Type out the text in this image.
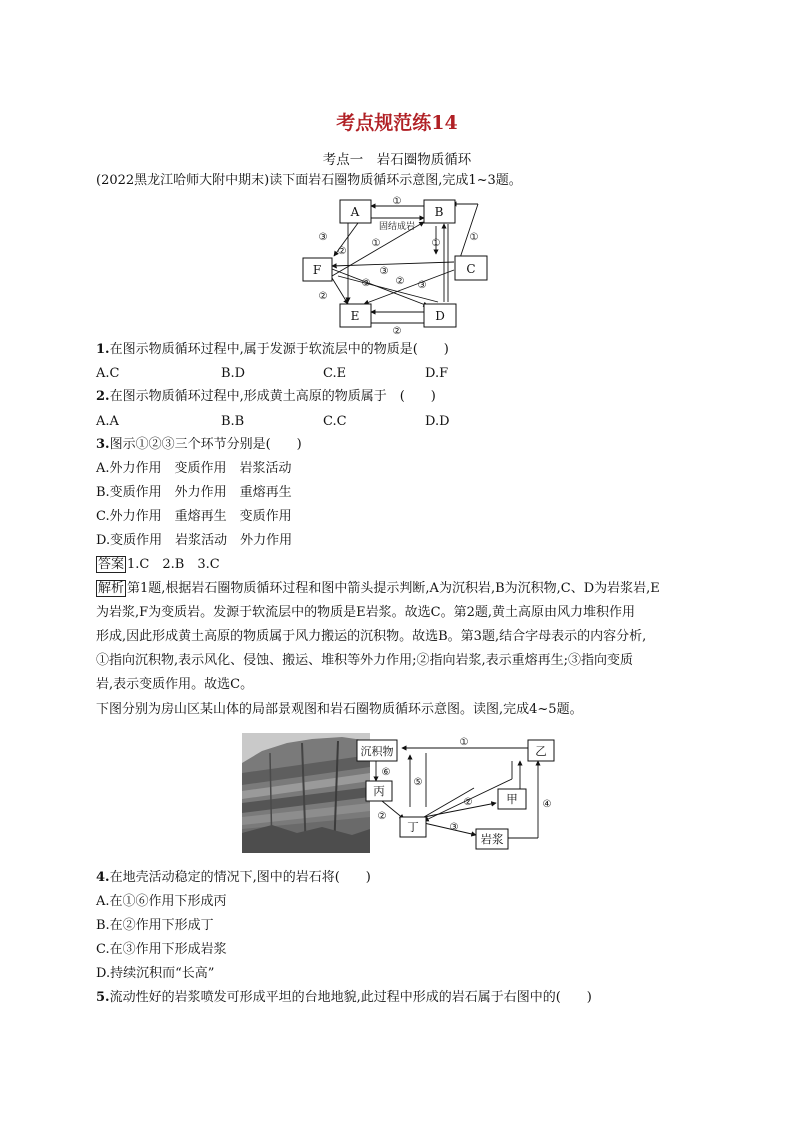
考点规范练14
考点一　岩石圈物质循环
(2022黑龙江哈师大附中期末)读下面岩石圈物质循环示意图,完成1~3题。
A	B
C
D
E
F
①
固结成岩
③
②
①	①
①
③
②
③	③
②
②
1.在图示物质循环过程中,属于发源于软流层中的物质是(　　)
A.C	B.D	C.E	D.F
2.在图示物质循环过程中,形成黄土高原的物质属于　(　　)
A.A	B.B	C.C	D.D
3.图示①②③三个环节分别是(　　)
A.外力作用　变质作用　岩浆活动
B.变质作用　外力作用　重熔再生
C.外力作用　重熔再生　变质作用
D.变质作用　岩浆活动　外力作用
答案 1.C　2.B　3.C
解析 第1题,根据岩石圈物质循环过程和图中箭头提示判断,A为沉积岩,B为沉积物,C、D为岩浆岩,E
为岩浆,F为变质岩。发源于软流层中的物质是E岩浆。故选C。第2题,黄土高原由风力堆积作用
形成,因此形成黄土高原的物质属于风力搬运的沉积物。故选B。第3题,结合字母表示的内容分析,
①指向沉积物,表示风化、侵蚀、搬运、堆积等外力作用;②指向岩浆,表示重熔再生;③指向变质
岩,表示变质作用。故选C。
下图分别为房山区某山体的局部景观图和岩石圈物质循环示意图。读图,完成4~5题。
沉积物	乙
丙
甲
丁
岩浆
①
⑥
⑤
②
②
③
④
4.在地壳活动稳定的情况下,图中的岩石将(　　)
A.在①⑥作用下形成丙
B.在②作用下形成丁
C.在③作用下形成岩浆
D.持续沉积而“长高”
5.流动性好的岩浆喷发可形成平坦的台地地貌,此过程中形成的岩石属于右图中的(　　)
